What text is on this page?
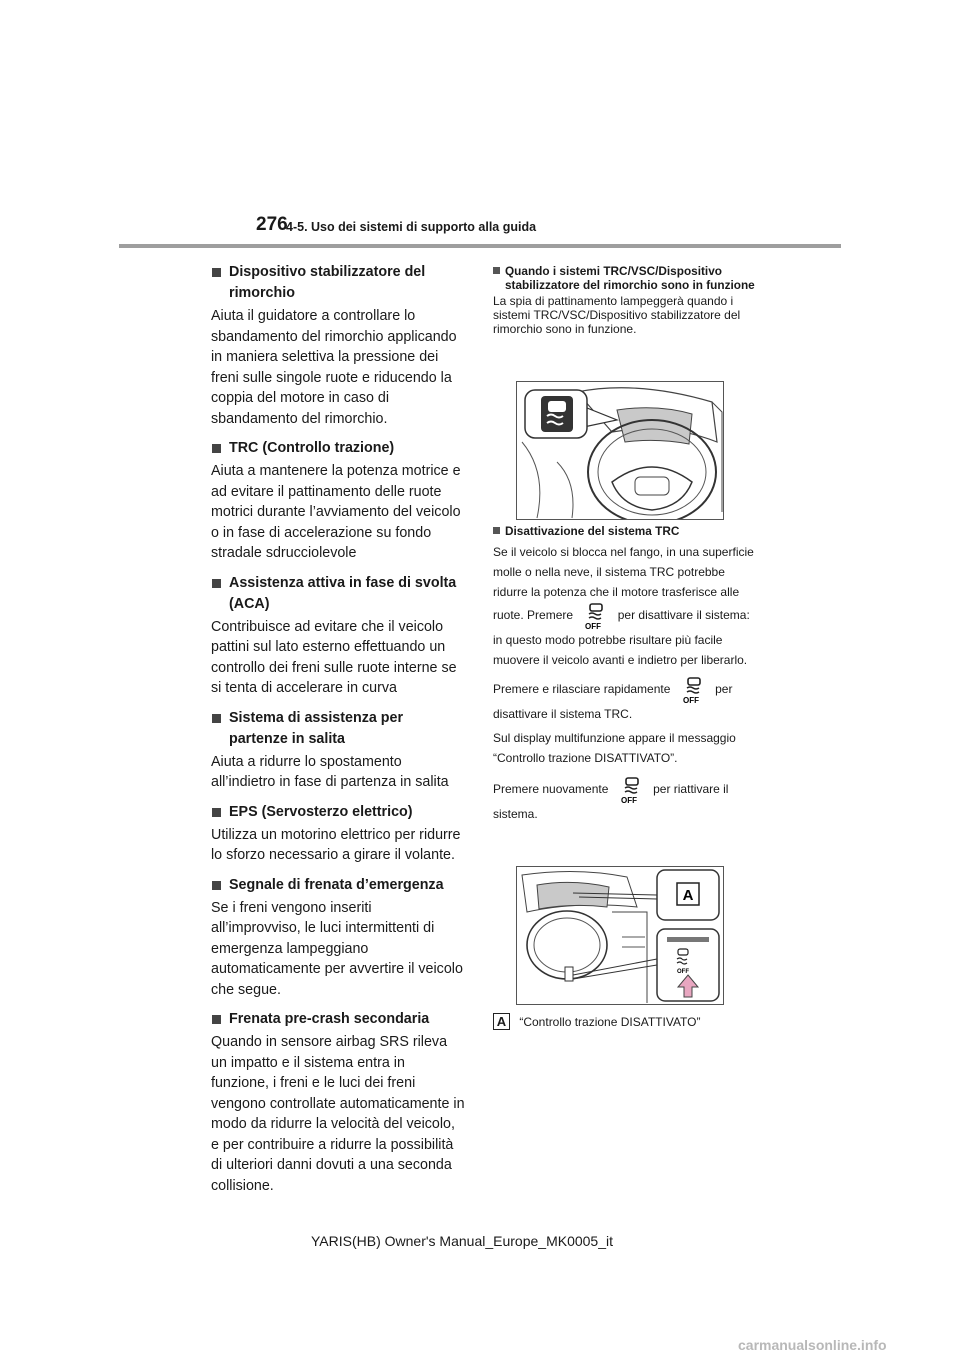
276
4-5. Uso dei sistemi di supporto alla guida
Dispositivo stabilizzatore del rimorchio
Aiuta il guidatore a controllare lo sbandamento del rimorchio applicando in maniera selettiva la pressione dei freni sulle singole ruote e riducendo la coppia del motore in caso di sbandamento del rimorchio.
TRC (Controllo trazione)
Aiuta a mantenere la potenza motrice e ad evitare il pattinamento delle ruote motrici durante l’avviamento del veicolo o in fase di accelerazione su fondo stradale sdrucciolevole
Assistenza attiva in fase di svolta (ACA)
Contribuisce ad evitare che il veicolo pattini sul lato esterno effettuando un controllo dei freni sulle ruote interne se si tenta di accelerare in curva
Sistema di assistenza per partenze in salita
Aiuta a ridurre lo spostamento all’indietro in fase di partenza in salita
EPS (Servosterzo elettrico)
Utilizza un motorino elettrico per ridurre lo sforzo necessario a girare il volante.
Segnale di frenata d’emergenza
Se i freni vengono inseriti all’improvviso, le luci intermittenti di emergenza lampeggiano automaticamente per avvertire il veicolo che segue.
Frenata pre-crash secondaria
Quando in sensore airbag SRS rileva un impatto e il sistema entra in funzione, i freni e le luci dei freni vengono controllate automaticamente in modo da ridurre la velocità del veicolo, e per contribuire a ridurre la possibilità di ulteriori danni dovuti a una seconda collisione.
Quando i sistemi TRC/VSC/Dispositivo stabilizzatore del rimorchio sono in funzione
La spia di pattinamento lampeggerà quando i sistemi TRC/VSC/Dispositivo stabilizzatore del rimorchio sono in funzione.
Disattivazione del sistema TRC
Se il veicolo si blocca nel fango, in una superficie molle o nella neve, il sistema TRC potrebbe ridurre la potenza che il motore trasferisce alle ruote. Premere
OFF
per disattivare il sistema: in questo modo potrebbe risultare più facile muovere il veicolo avanti e indietro per liberarlo.
Premere e rilasciare rapidamente
OFF
per disattivare il sistema TRC.
Sul display multifunzione appare il messaggio “Controllo trazione DISATTIVATO”.
Premere nuovamente
OFF
per riattivare il sistema.
A
OFF
A “Controllo trazione DISATTIVATO”
YARIS(HB) Owner's Manual_Europe_MK0005_it
carmanualsonline.info
